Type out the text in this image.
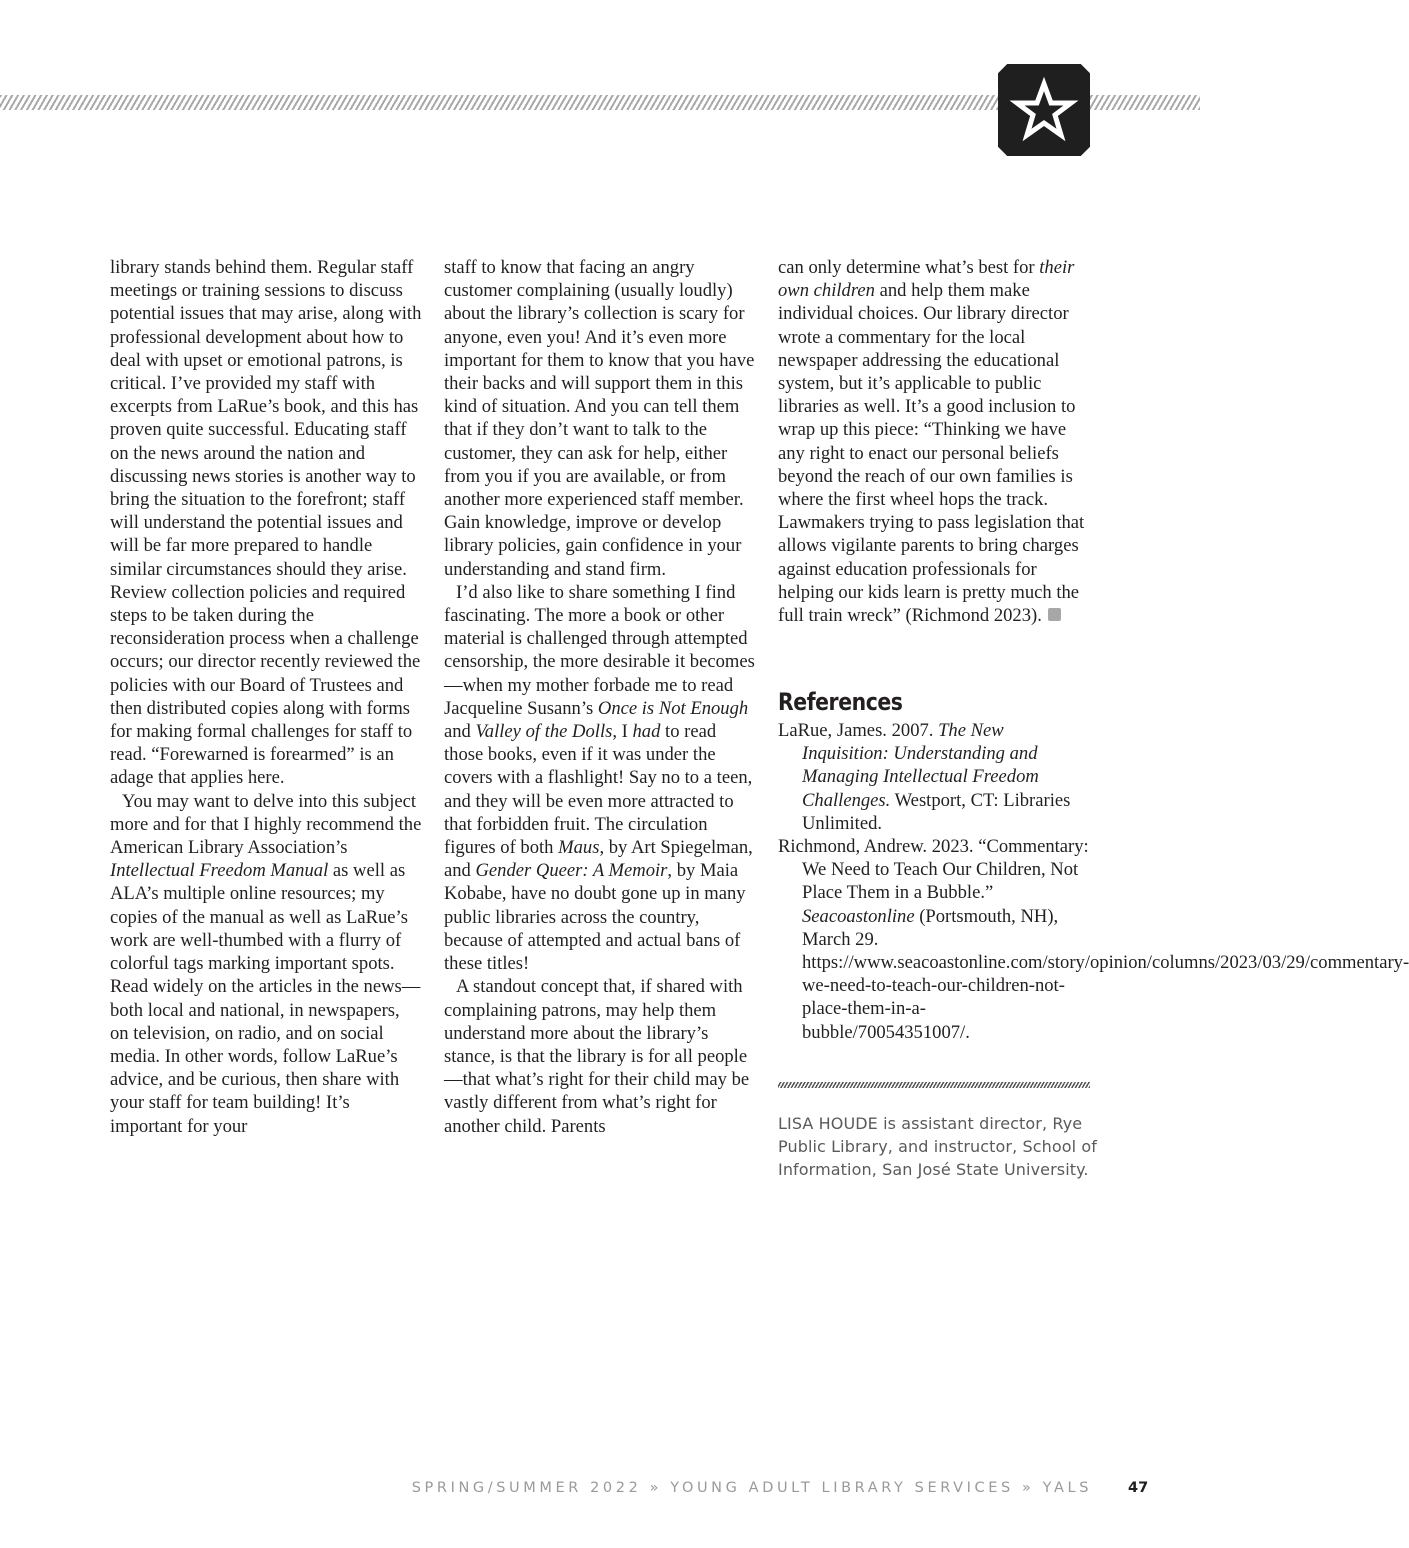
library stands behind them. Regular staff meetings or training sessions to discuss potential issues that may arise, along with professional development about how to deal with upset or emotional patrons, is critical. I’ve provided my staff with excerpts from LaRue’s book, and this has proven quite successful. Educating staff on the news around the nation and discussing news stories is another way to bring the situation to the forefront; staff will understand the potential issues and will be far more prepared to handle similar circumstances should they arise. Review collection policies and required steps to be taken during the reconsideration process when a challenge occurs; our director recently reviewed the policies with our Board of Trustees and then distributed copies along with forms for making formal challenges for staff to read. “Forewarned is forearmed” is an adage that applies here.

You may want to delve into this subject more and for that I highly recommend the American Library Association’s Intellectual Freedom Manual as well as ALA’s multiple online resources; my copies of the manual as well as LaRue’s work are well-thumbed with a flurry of colorful tags marking important spots. Read widely on the articles in the news—both local and national, in newspapers, on television, on radio, and on social media. In other words, follow LaRue’s advice, and be curious, then share with your staff for team building! It’s important for your

staff to know that facing an angry customer complaining (usually loudly) about the library’s collection is scary for anyone, even you! And it’s even more important for them to know that you have their backs and will support them in this kind of situation. And you can tell them that if they don’t want to talk to the customer, they can ask for help, either from you if you are available, or from another more experienced staff member. Gain knowledge, improve or develop library policies, gain confidence in your understanding and stand firm.

I’d also like to share something I find fascinating. The more a book or other material is challenged through attempted censorship, the more desirable it becomes—when my mother forbade me to read Jacqueline Susann’s Once is Not Enough and Valley of the Dolls, I had to read those books, even if it was under the covers with a flashlight! Say no to a teen, and they will be even more attracted to that forbidden fruit. The circulation figures of both Maus, by Art Spiegelman, and Gender Queer: A Memoir, by Maia Kobabe, have no doubt gone up in many public libraries across the country, because of attempted and actual bans of these titles!

A standout concept that, if shared with complaining patrons, may help them understand more about the library’s stance, is that the library is for all people—that what’s right for their child may be vastly different from what’s right for another child. Parents

can only determine what’s best for their own children and help them make individual choices. Our library director wrote a commentary for the local newspaper addressing the educational system, but it’s applicable to public libraries as well. It’s a good inclusion to wrap up this piece: “Thinking we have any right to enact our personal beliefs beyond the reach of our own families is where the first wheel hops the track. Lawmakers trying to pass legislation that allows vigilante parents to bring charges against education professionals for helping our kids learn is pretty much the full train wreck” (Richmond 2023).

References

LaRue, James. 2007. The New Inquisition: Understanding and Managing Intellectual Freedom Challenges. Westport, CT: Libraries Unlimited.

Richmond, Andrew. 2023. “Commentary: We Need to Teach Our Children, Not Place Them in a Bubble.” Seacoastonline (Portsmouth, NH), March 29. https://www.seacoastonline.com/story/opinion/columns/2023/03/29/commentary-we-need-to-teach-our-children-not-place-them-in-a-bubble/70054351007/.

LISA HOUDE is assistant director, Rye Public Library, and instructor, School of Information, San José State University.
SPRING/SUMMER 2022 » YOUNG ADULT LIBRARY SERVICES » YALS 47
